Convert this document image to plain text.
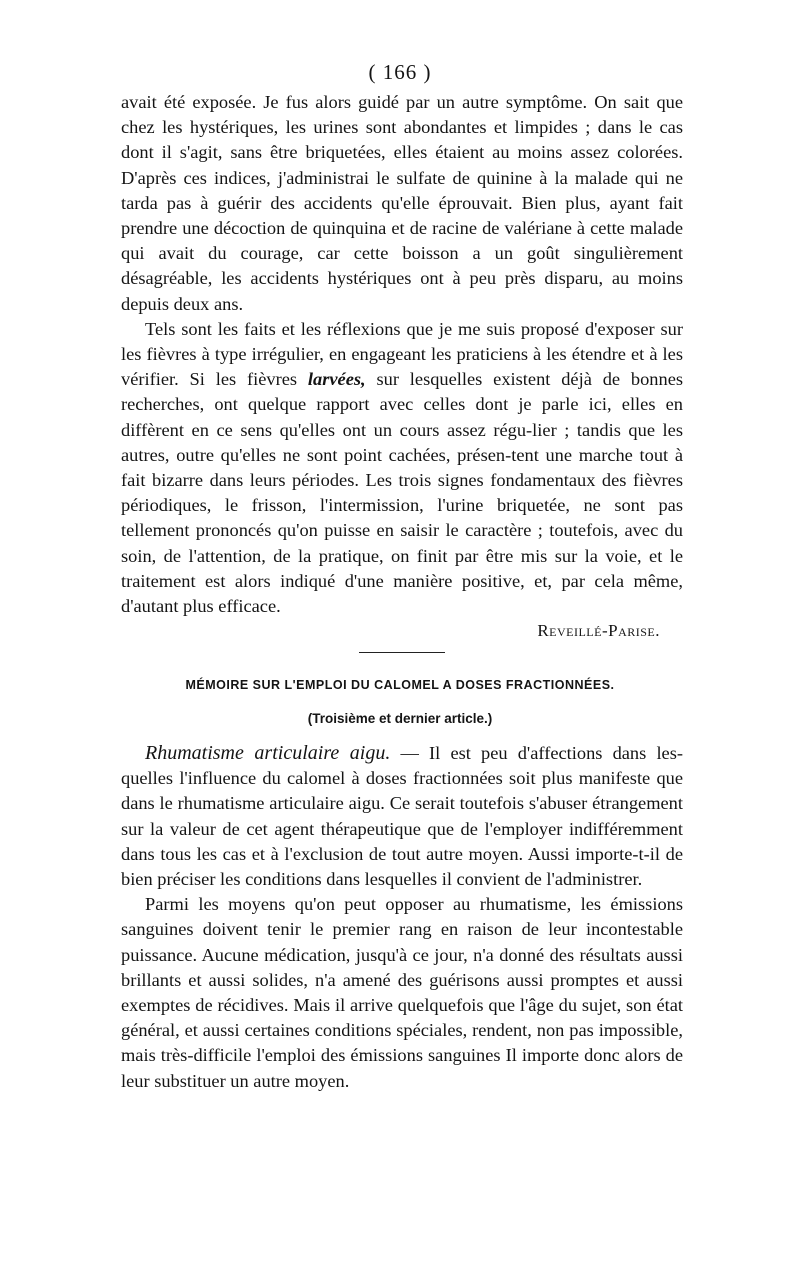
( 166 )

avait été exposée. Je fus alors guidé par un autre symptôme. On sait que chez les hystériques, les urines sont abondantes et limpides ; dans le cas dont il s'agit, sans être briquetées, elles étaient au moins assez colorées. D'après ces indices, j'administrai le sulfate de quinine à la malade qui ne tarda pas à guérir des accidents qu'elle éprouvait. Bien plus, ayant fait prendre une décoction de quinquina et de racine de valériane à cette malade qui avait du courage, car cette boisson a un goût singulièrement désagréable, les accidents hystériques ont à peu près disparu, au moins depuis deux ans.

Tels sont les faits et les réflexions que je me suis proposé d'exposer sur les fièvres à type irrégulier, en engageant les praticiens à les étendre et à les vérifier. Si les fièvres larvées, sur lesquelles existent déjà de bonnes recherches, ont quelque rapport avec celles dont je parle ici, elles en diffèrent en ce sens qu'elles ont un cours assez régu-lier ; tandis que les autres, outre qu'elles ne sont point cachées, présen-tent une marche tout à fait bizarre dans leurs périodes. Les trois signes fondamentaux des fièvres périodiques, le frisson, l'intermission, l'urine briquetée, ne sont pas tellement prononcés qu'on puisse en saisir le caractère ; toutefois, avec du soin, de l'attention, de la pratique, on finit par être mis sur la voie, et le traitement est alors indiqué d'une manière positive, et, par cela même, d'autant plus efficace.

Reveillé-Parise.
MÉMOIRE SUR L'EMPLOI DU CALOMEL A DOSES FRACTIONNÉES.
(Troisième et dernier article.)

Rhumatisme articulaire aigu. — Il est peu d'affections dans les-quelles l'influence du calomel à doses fractionnées soit plus manifeste que dans le rhumatisme articulaire aigu. Ce serait toutefois s'abuser étrangement sur la valeur de cet agent thérapeutique que de l'employer indifféremment dans tous les cas et à l'exclusion de tout autre moyen. Aussi importe-t-il de bien préciser les conditions dans lesquelles il convient de l'administrer.

Parmi les moyens qu'on peut opposer au rhumatisme, les émissions sanguines doivent tenir le premier rang en raison de leur incontestable puissance. Aucune médication, jusqu'à ce jour, n'a donné des résultats aussi brillants et aussi solides, n'a amené des guérisons aussi promptes et aussi exemptes de récidives. Mais il arrive quelquefois que l'âge du sujet, son état général, et aussi certaines conditions spéciales, rendent, non pas impossible, mais très-difficile l'emploi des émissions sanguines Il importe donc alors de leur substituer un autre moyen.
